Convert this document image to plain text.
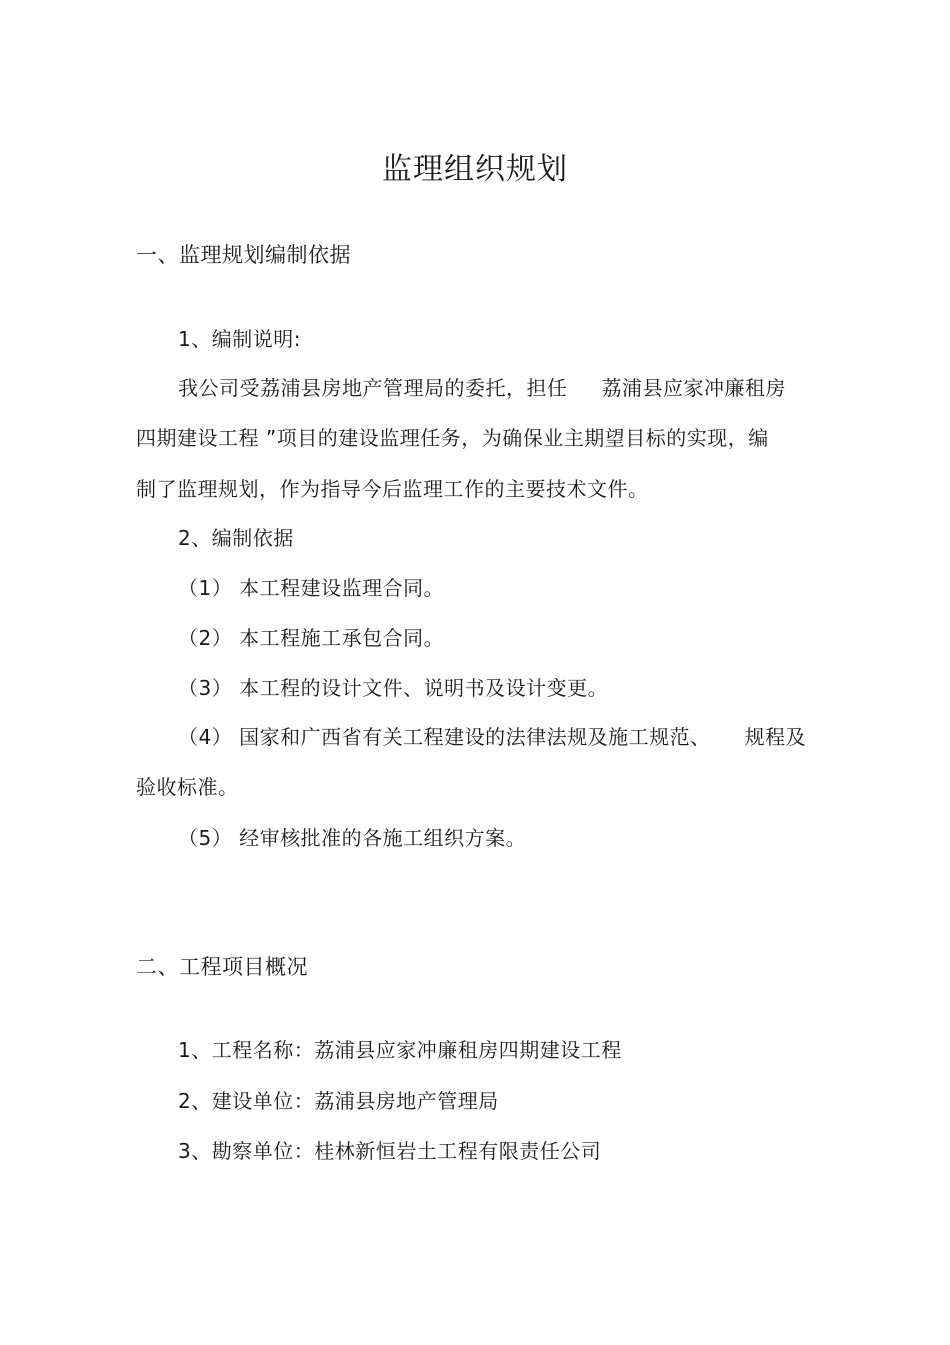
监理组织规划
一、监理规划编制依据
1、编制说明:
我公司受荔浦县房地产管理局的委托，担任 荔浦县应家冲廉租房
四期建设工程 ”项目的建设监理任务，为确保业主期望目标的实现，编
制了监理规划，作为指导今后监理工作的主要技术文件。
2、编制依据
（1） 本工程建设监理合同。
（2） 本工程施工承包合同。
（3） 本工程的设计文件、说明书及设计变更。
（4） 国家和广西省有关工程建设的法律法规及施工规范、 规程及
验收标准。
（5） 经审核批准的各施工组织方案。
二、工程项目概况
1、工程名称：荔浦县应家冲廉租房四期建设工程
2、建设单位：荔浦县房地产管理局
3、勘察单位：桂林新恒岩土工程有限责任公司
